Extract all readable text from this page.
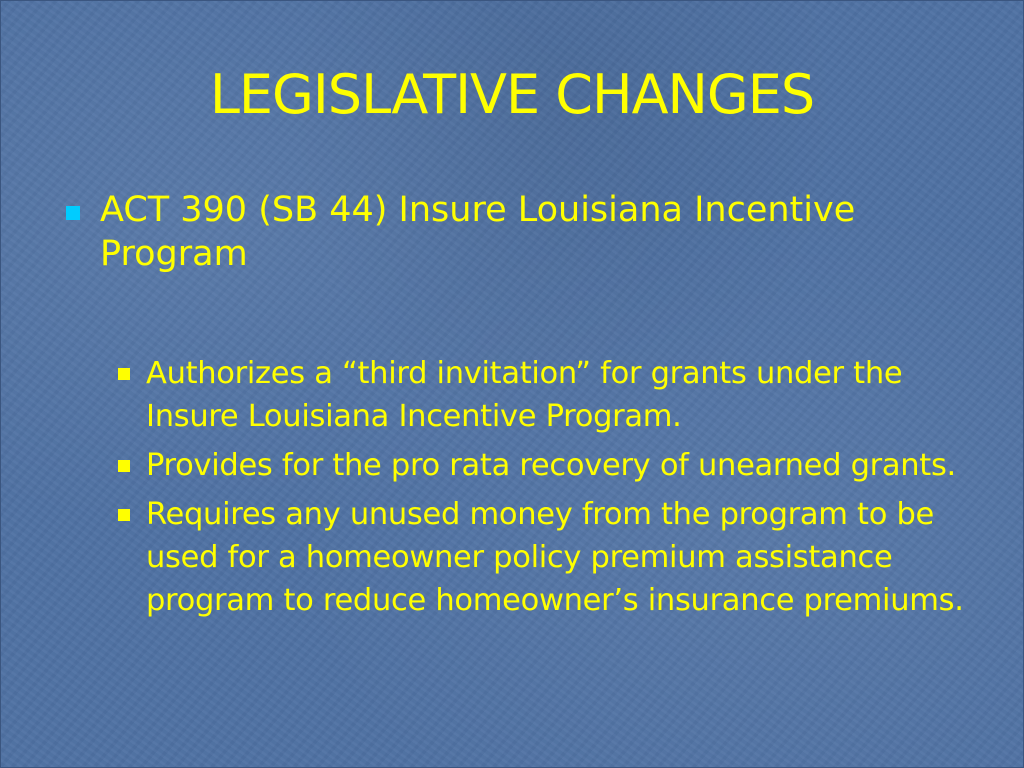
LEGISLATIVE CHANGES
ACT 390 (SB 44) Insure Louisiana Incentive Program
Authorizes a “third invitation” for grants under the Insure Louisiana Incentive Program.
Provides for the pro rata recovery of unearned grants.
Requires any unused money from the program to be used for a homeowner policy premium assistance program to reduce homeowner’s insurance premiums.
